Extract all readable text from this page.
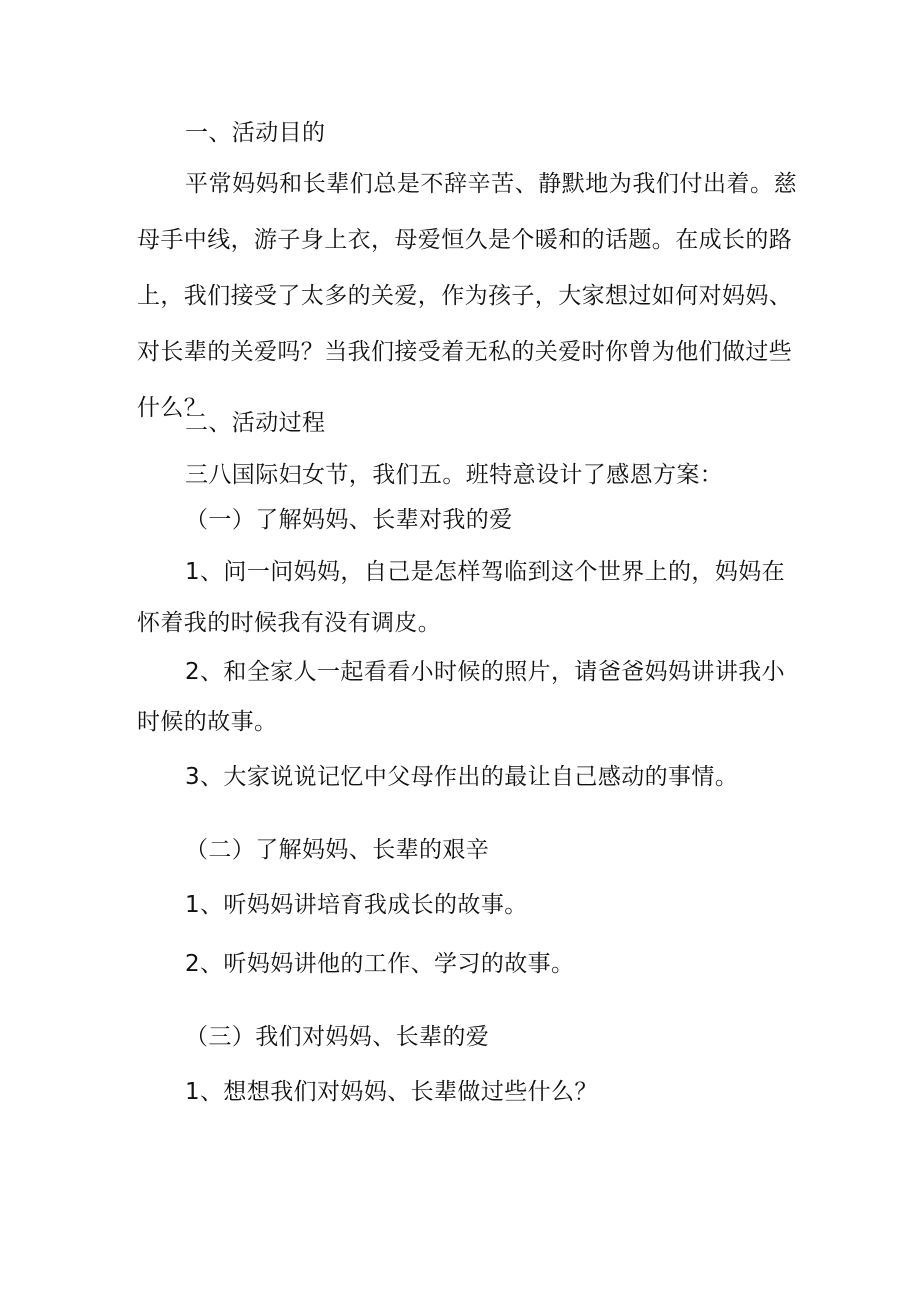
一、活动目的
平常妈妈和长辈们总是不辞辛苦、静默地为我们付出着。慈
母手中线，游子身上衣，母爱恒久是个暖和的话题。在成长的路
上，我们接受了太多的关爱，作为孩子，大家想过如何对妈妈、
对长辈的关爱吗？当我们接受着无私的关爱时你曾为他们做过些
什么？
二、活动过程
三八国际妇女节，我们五。班特意设计了感恩方案：
（一）了解妈妈、长辈对我的爱
1、问一问妈妈，自己是怎样驾临到这个世界上的，妈妈在
怀着我的时候我有没有调皮。
2、和全家人一起看看小时候的照片，请爸爸妈妈讲讲我小
时候的故事。
3、大家说说记忆中父母作出的最让自己感动的事情。
（二）了解妈妈、长辈的艰辛
1、听妈妈讲培育我成长的故事。
2、听妈妈讲他的工作、学习的故事。
（三）我们对妈妈、长辈的爱
1、想想我们对妈妈、长辈做过些什么？
